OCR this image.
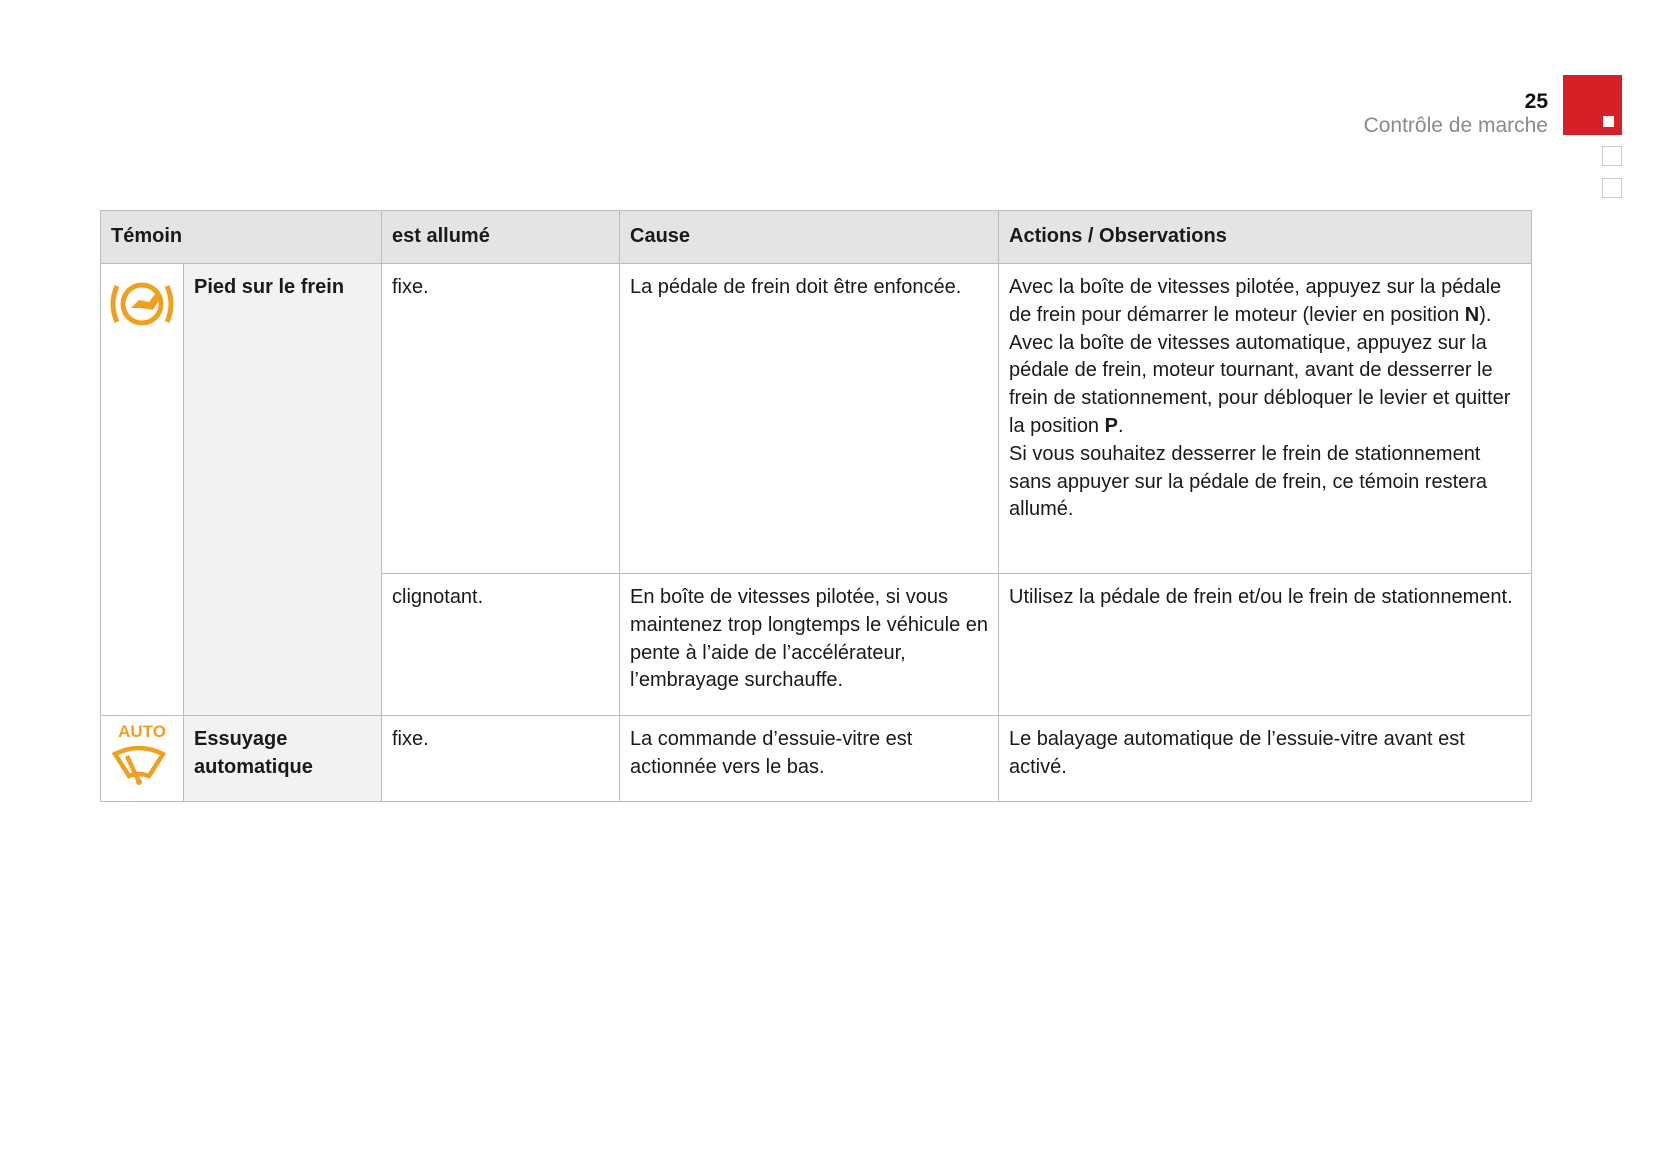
25
Contrôle de marche
Témoin		est allumé	Cause	Actions / Observations
	Pied sur le frein	fixe.	La pédale de frein doit être enfoncée.	Avec la boîte de vitesses pilotée, appuyez sur la pédale de frein pour démarrer le moteur (levier en position N).
Avec la boîte de vitesses automatique, appuyez sur la pédale de frein, moteur tournant, avant de desserrer le frein de stationnement, pour débloquer le levier et quitter la position P.
Si vous souhaitez desserrer le frein de stationnement sans appuyer sur la pédale de frein, ce témoin restera allumé.

		clignotant.	En boîte de vitesses pilotée, si vous maintenez trop longtemps le véhicule en pente à l’aide de l’accélérateur, l’embrayage surchauffe.	Utilisez la pédale de frein et/ou le frein de stationnement.

AUTO	Essuyage automatique	fixe.	La commande d’essuie-vitre est actionnée vers le bas.	Le balayage automatique de l’essuie-vitre avant est activé.
